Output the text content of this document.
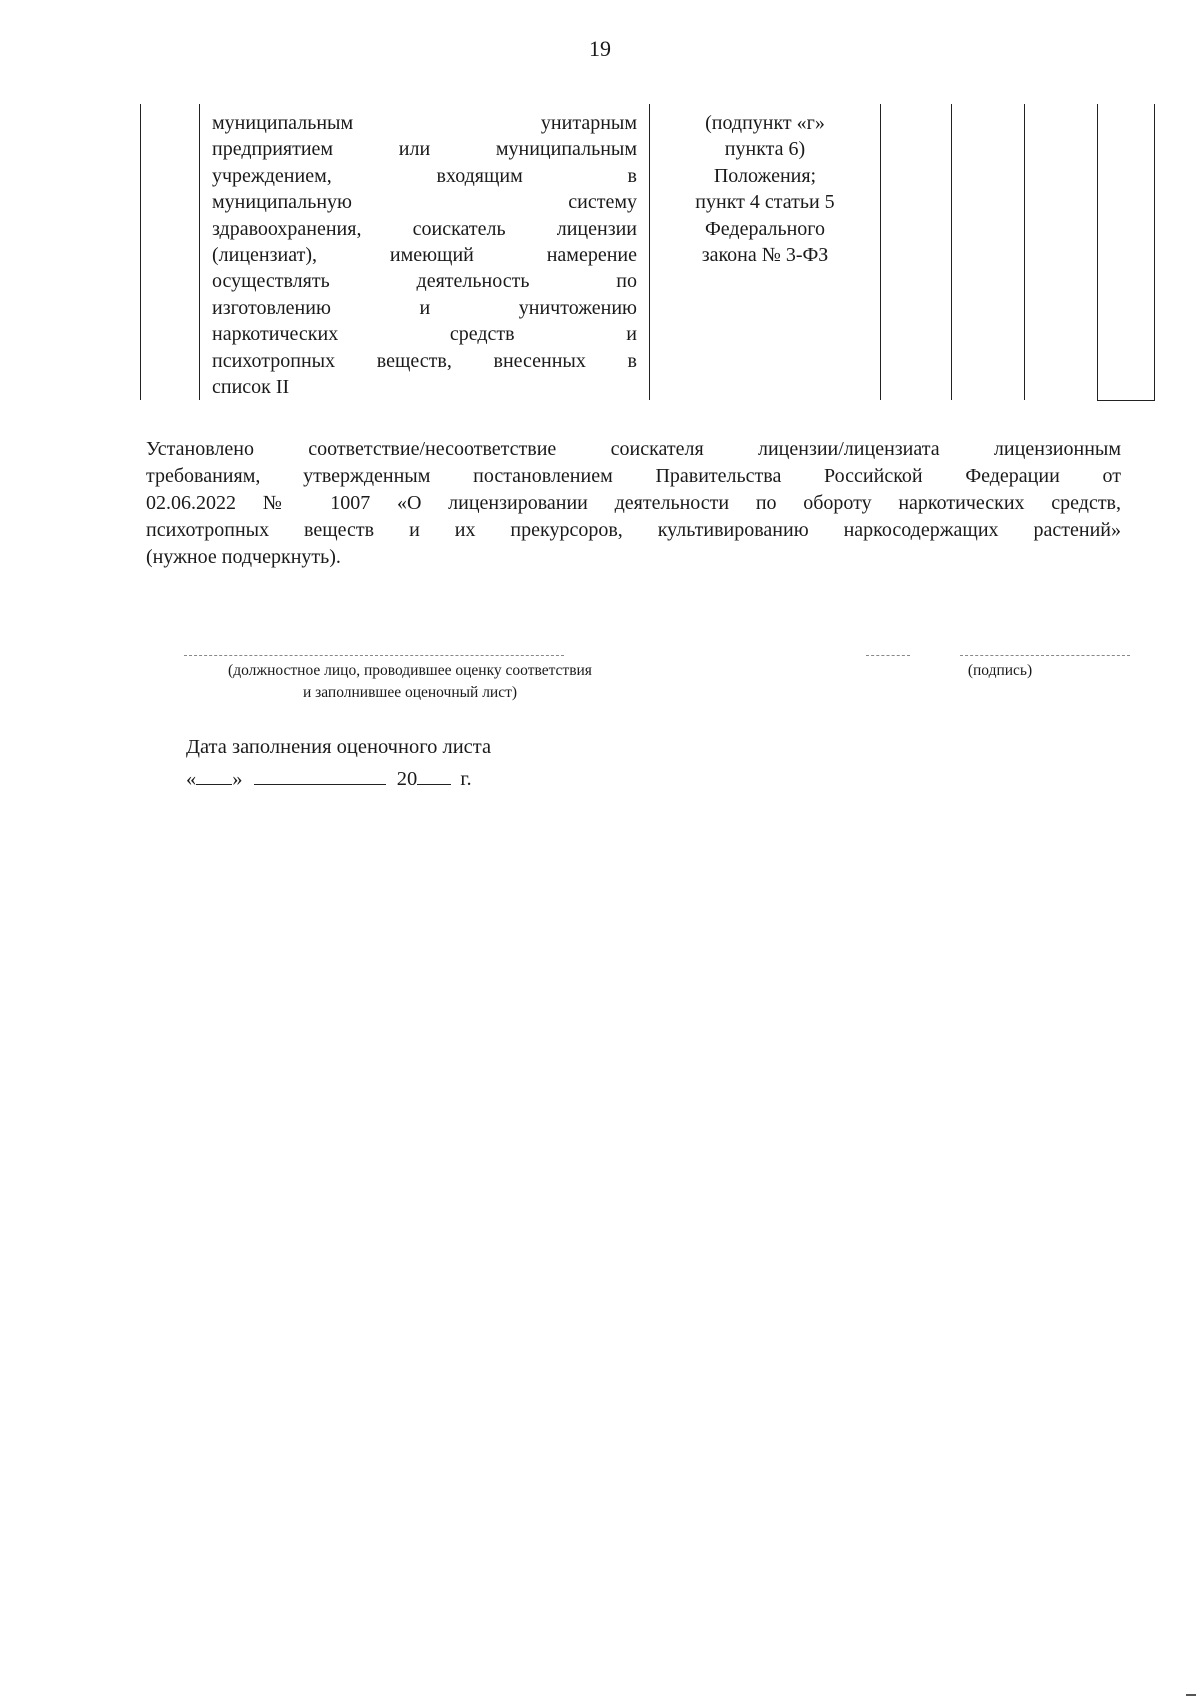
19

муниципальным унитарным
предприятием или муниципальным
учреждением, входящим в
муниципальную систему
здравоохранения, соискатель лицензии
(лицензиат), имеющий намерение
осуществлять деятельность по
изготовлению и уничтожению
наркотических средств и
психотропных веществ, внесенных в
список II

(подпункт «г»
пункта 6)
Положения;
пункт 4 статьи 5
Федерального
закона № 3-ФЗ

Установлено соответствие/несоответствие соискателя лицензии/лицензиата лицензионным
требованиям, утвержденным постановлением Правительства Российской Федерации от
02.06.2022 № 1007 «О лицензировании деятельности по обороту наркотических средств,
психотропных веществ и их прекурсоров, культивированию наркосодержащих растений»
(нужное подчеркнуть).
(должностное лицо, проводившее оценку соответствия
и заполнившее оценочный лист)
(подпись)
Дата заполнения оценочного листа
« »	20 г.
